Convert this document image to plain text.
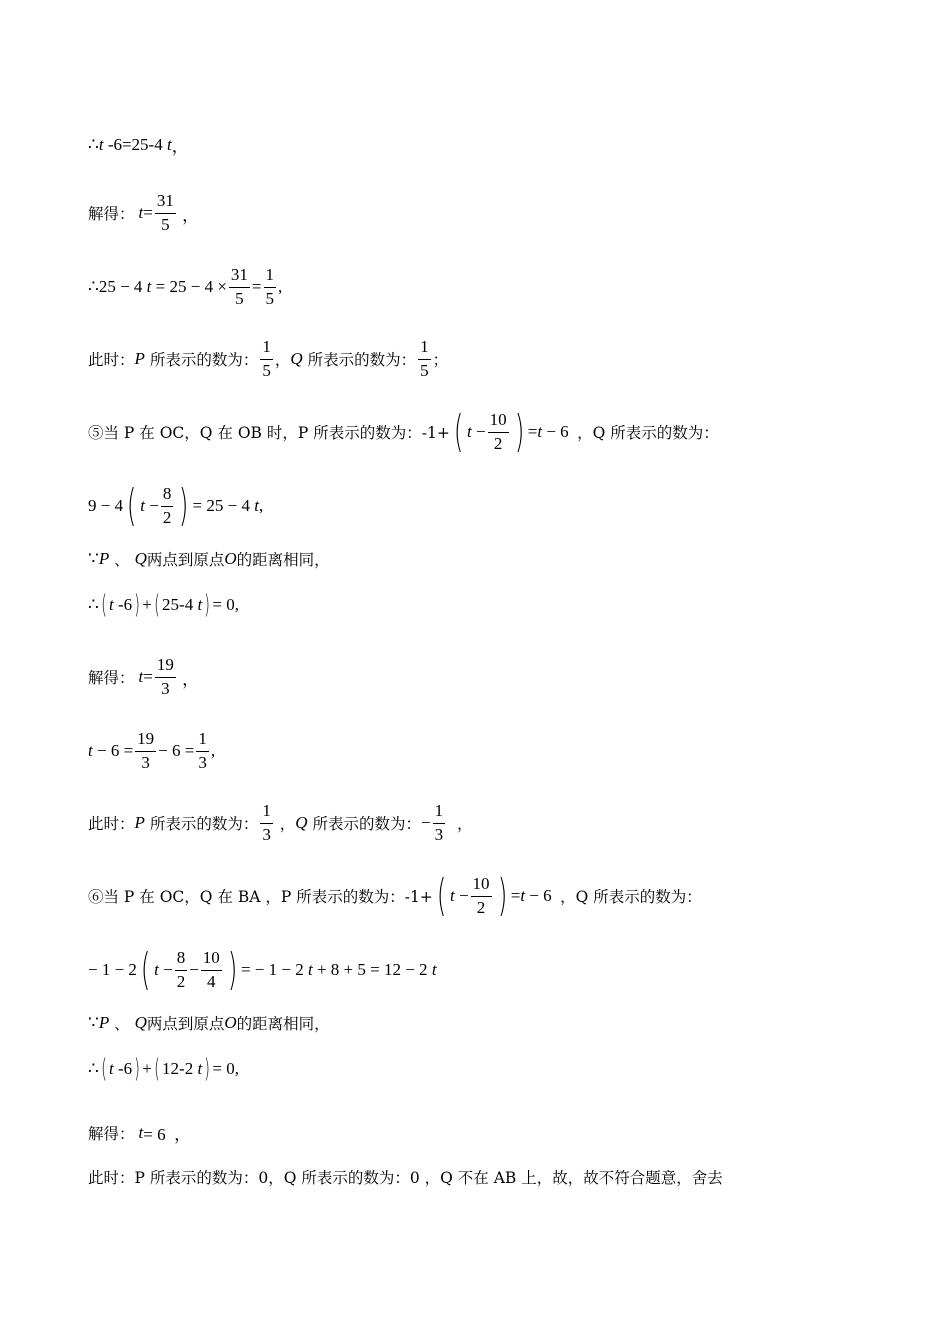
∴ t -6=25-4 t ，
解得： $t = \frac{31}{5}$ ，
∴25 − 4 $t = 25 - 4 \times \frac{31}{5} = \frac{1}{5}$ ,
此时： P
所表示的数为： $\frac{1}{5}$ ， Q
所表示的数为： $\frac{1}{5}$ ；
⑤当 P 在 OC，Q 在 OB 时，P 所表示的数为：-1+ ( $t - \frac{10}{2}$ ) = t − 6 ，Q 所表示的数为：
9 − 4 ( $t - \frac{8}{2}$ ) = 25 − 4 t ,
∵ P 、 Q 两点到原点 O 的距离相同，
∴ ( t -6 ) + ( 25-4 t ) = 0,
解得： $t = \frac{19}{3}$ ，
$t - 6 = \frac{19}{3} - 6 = \frac{1}{3}$ ,
此时： P
所表示的数为： $\frac{1}{3}$ ， Q
所表示的数为： − $\frac{1}{3}$ ，
⑥当 P 在 OC，Q 在 BA ，P 所表示的数为：-1+ ( $t - \frac{10}{2}$ ) = t − 6 ，Q 所表示的数为：
− 1 − 2 ( $t - \frac{8}{2} - \frac{10}{4}$ ) = − 1 − 2 t + 8 + 5 = 12 − 2 t
∵ P 、 Q 两点到原点 O 的距离相同，
∴ ( t -6 ) + ( 12-2 t ) = 0,
解得： t = 6  ，
此时：P 所表示的数为：0，Q 所表示的数为：0 ，Q 不在 AB 上，故，故不符合题意，舍去
